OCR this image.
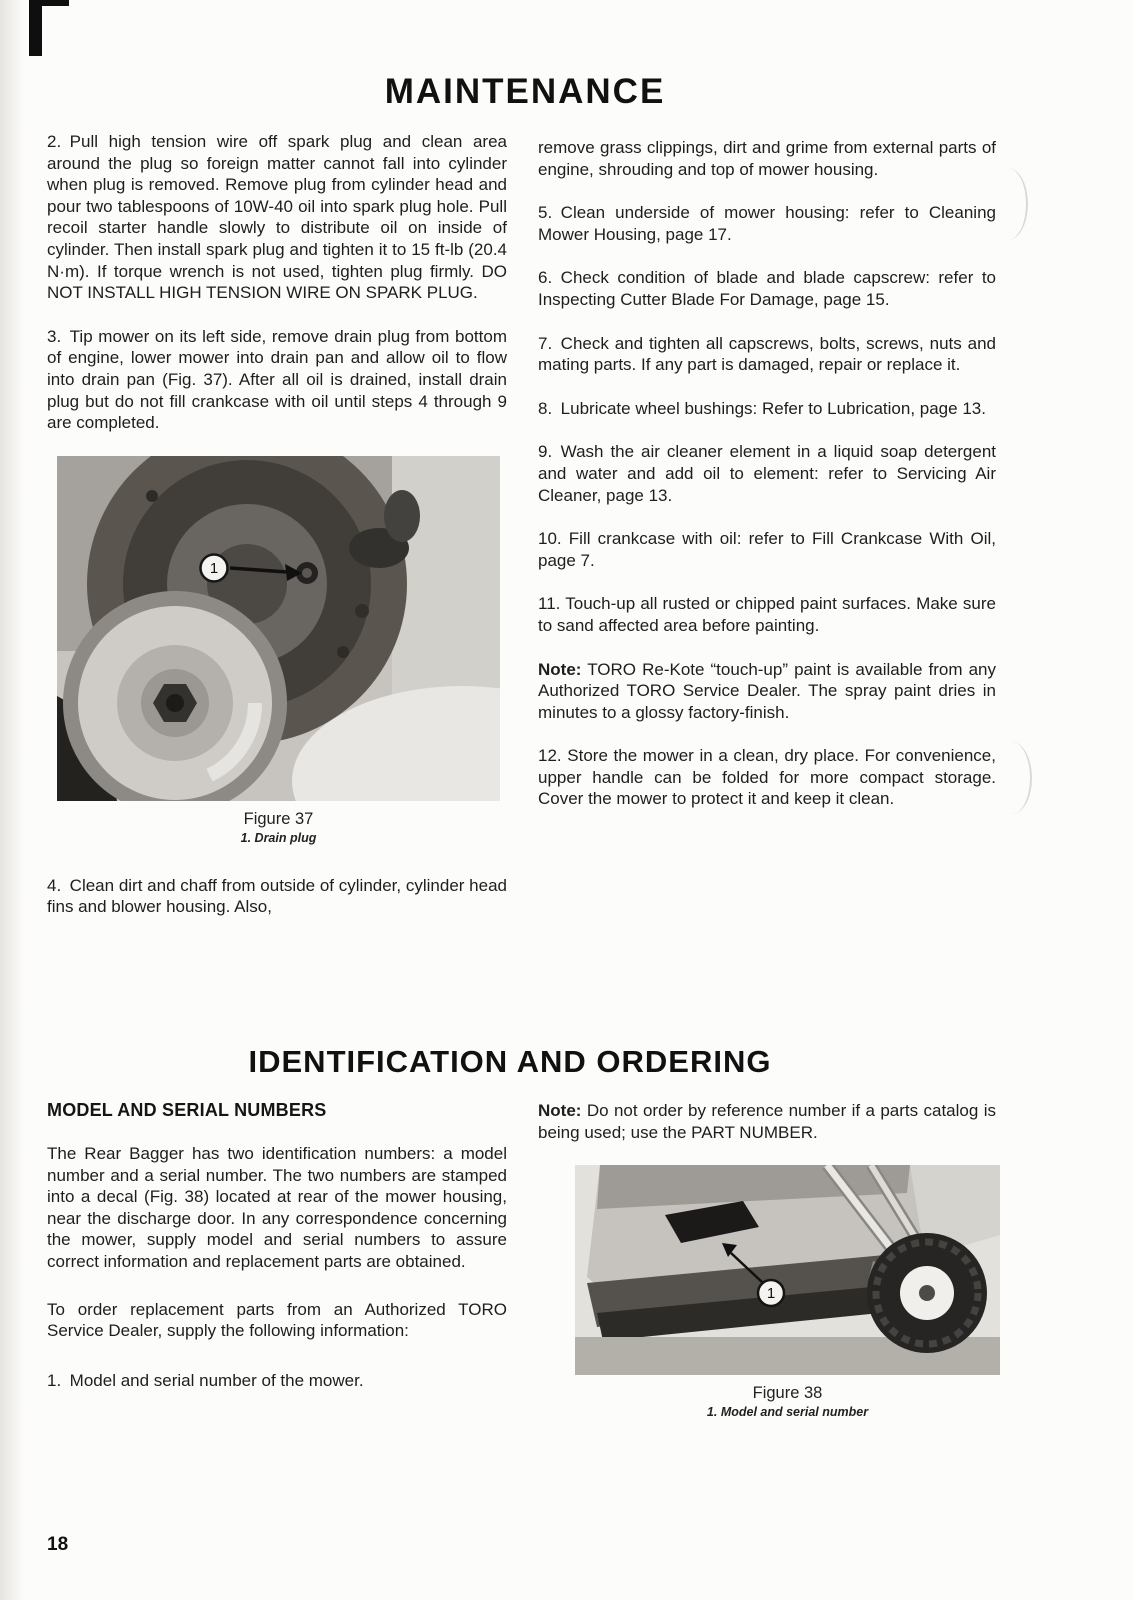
MAINTENANCE

2. Pull high tension wire off spark plug and clean area around the plug so foreign matter cannot fall into cylinder when plug is removed. Remove plug from cylinder head and pour two tablespoons of 10W-40 oil into spark plug hole. Pull recoil starter handle slowly to distribute oil on inside of cylinder. Then install spark plug and tighten it to 15 ft-lb (20.4 N·m). If torque wrench is not used, tighten plug firmly. DO NOT INSTALL HIGH TENSION WIRE ON SPARK PLUG.

3. Tip mower on its left side, remove drain plug from bottom of engine, lower mower into drain pan and allow oil to flow into drain pan (Fig. 37). After all oil is drained, install drain plug but do not fill crankcase with oil until steps 4 through 9 are completed.

1
Figure 37
1. Drain plug

4. Clean dirt and chaff from outside of cylinder, cylinder head fins and blower housing. Also,

remove grass clippings, dirt and grime from external parts of engine, shrouding and top of mower housing.

5. Clean underside of mower housing: refer to Cleaning Mower Housing, page 17.

6. Check condition of blade and blade capscrew: refer to Inspecting Cutter Blade For Damage, page 15.

7. Check and tighten all capscrews, bolts, screws, nuts and mating parts. If any part is damaged, repair or replace it.

8. Lubricate wheel bushings: Refer to Lubrication, page 13.

9. Wash the air cleaner element in a liquid soap detergent and water and add oil to element: refer to Servicing Air Cleaner, page 13.

10. Fill crankcase with oil: refer to Fill Crankcase With Oil, page 7.

11. Touch-up all rusted or chipped paint surfaces. Make sure to sand affected area before painting.

Note: TORO Re-Kote “touch-up” paint is available from any Authorized TORO Service Dealer. The spray paint dries in minutes to a glossy factory-finish.

12. Store the mower in a clean, dry place. For convenience, upper handle can be folded for more compact storage. Cover the mower to protect it and keep it clean.

IDENTIFICATION AND ORDERING
MODEL AND SERIAL NUMBERS

The Rear Bagger has two identification numbers: a model number and a serial number. The two numbers are stamped into a decal (Fig. 38) located at rear of the mower housing, near the discharge door. In any correspondence concerning the mower, supply model and serial numbers to assure correct information and replacement parts are obtained.

To order replacement parts from an Authorized TORO Service Dealer, supply the following information:

1. Model and serial number of the mower.

Note: Do not order by reference number if a parts catalog is being used; use the PART NUMBER.

1
Figure 38
1. Model and serial number
18
